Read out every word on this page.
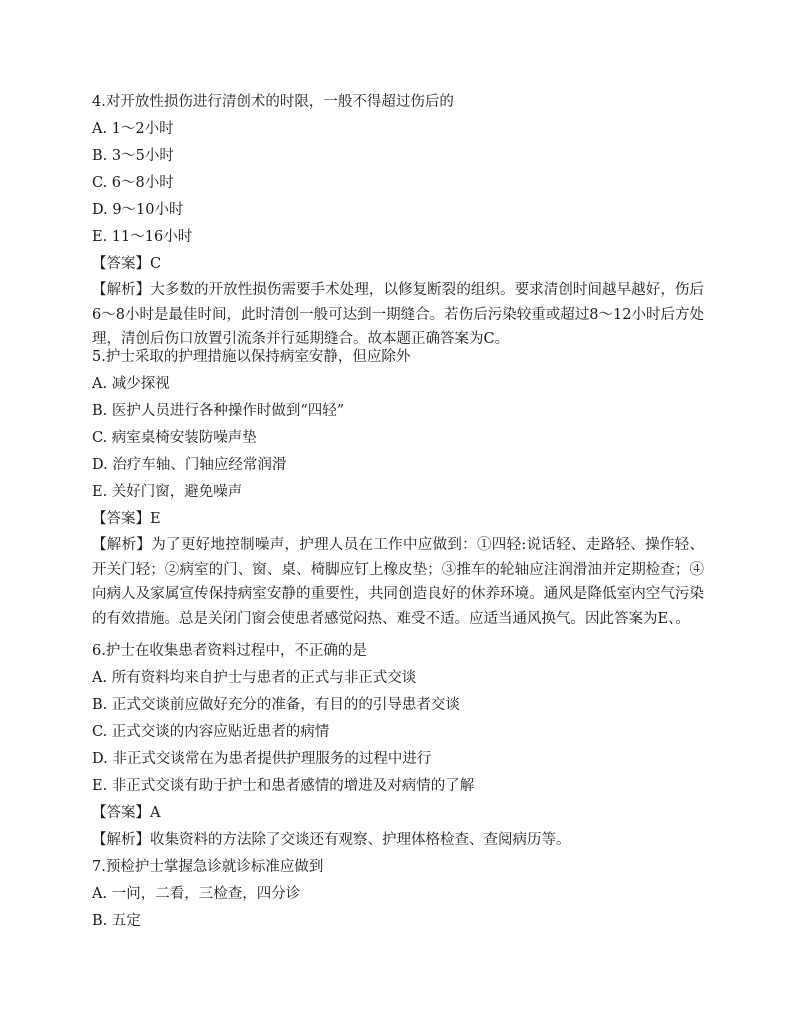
4.对开放性损伤进行清创术的时限，一般不得超过伤后的
A. 1～2小时
B. 3～5小时
C. 6～8小时
D. 9～10小时
E. 11～16小时
【答案】C
【解析】大多数的开放性损伤需要手术处理，以修复断裂的组织。要求清创时间越早越好，伤后6～8小时是最佳时间，此时清创一般可达到一期缝合。若伤后污染较重或超过8～12小时后方处理，清创后伤口放置引流条并行延期缝合。故本题正确答案为C。
5.护士采取的护理措施以保持病室安静，但应除外
A. 减少探视
B. 医护人员进行各种操作时做到“四轻”
C. 病室桌椅安装防噪声垫
D. 治疗车轴、门轴应经常润滑
E. 关好门窗，避免噪声
【答案】E
【解析】为了更好地控制噪声，护理人员在工作中应做到：①四轻:说话轻、走路轻、操作轻、开关门轻；②病室的门、窗、桌、椅脚应钉上橡皮垫；③推车的轮轴应注润滑油并定期检查；④向病人及家属宣传保持病室安静的重要性，共同创造良好的休养环境。通风是降低室内空气污染的有效措施。总是关闭门窗会使患者感觉闷热、难受不适。应适当通风换气。因此答案为E、。
6.护士在收集患者资料过程中，不正确的是
A. 所有资料均来自护士与患者的正式与非正式交谈
B. 正式交谈前应做好充分的准备，有目的的引导患者交谈
C. 正式交谈的内容应贴近患者的病情
D. 非正式交谈常在为患者提供护理服务的过程中进行
E. 非正式交谈有助于护士和患者感情的增进及对病情的了解
【答案】A
【解析】收集资料的方法除了交谈还有观察、护理体格检查、查阅病历等。
7.预检护士掌握急诊就诊标准应做到
A. 一问，二看，三检查，四分诊
B. 五定
